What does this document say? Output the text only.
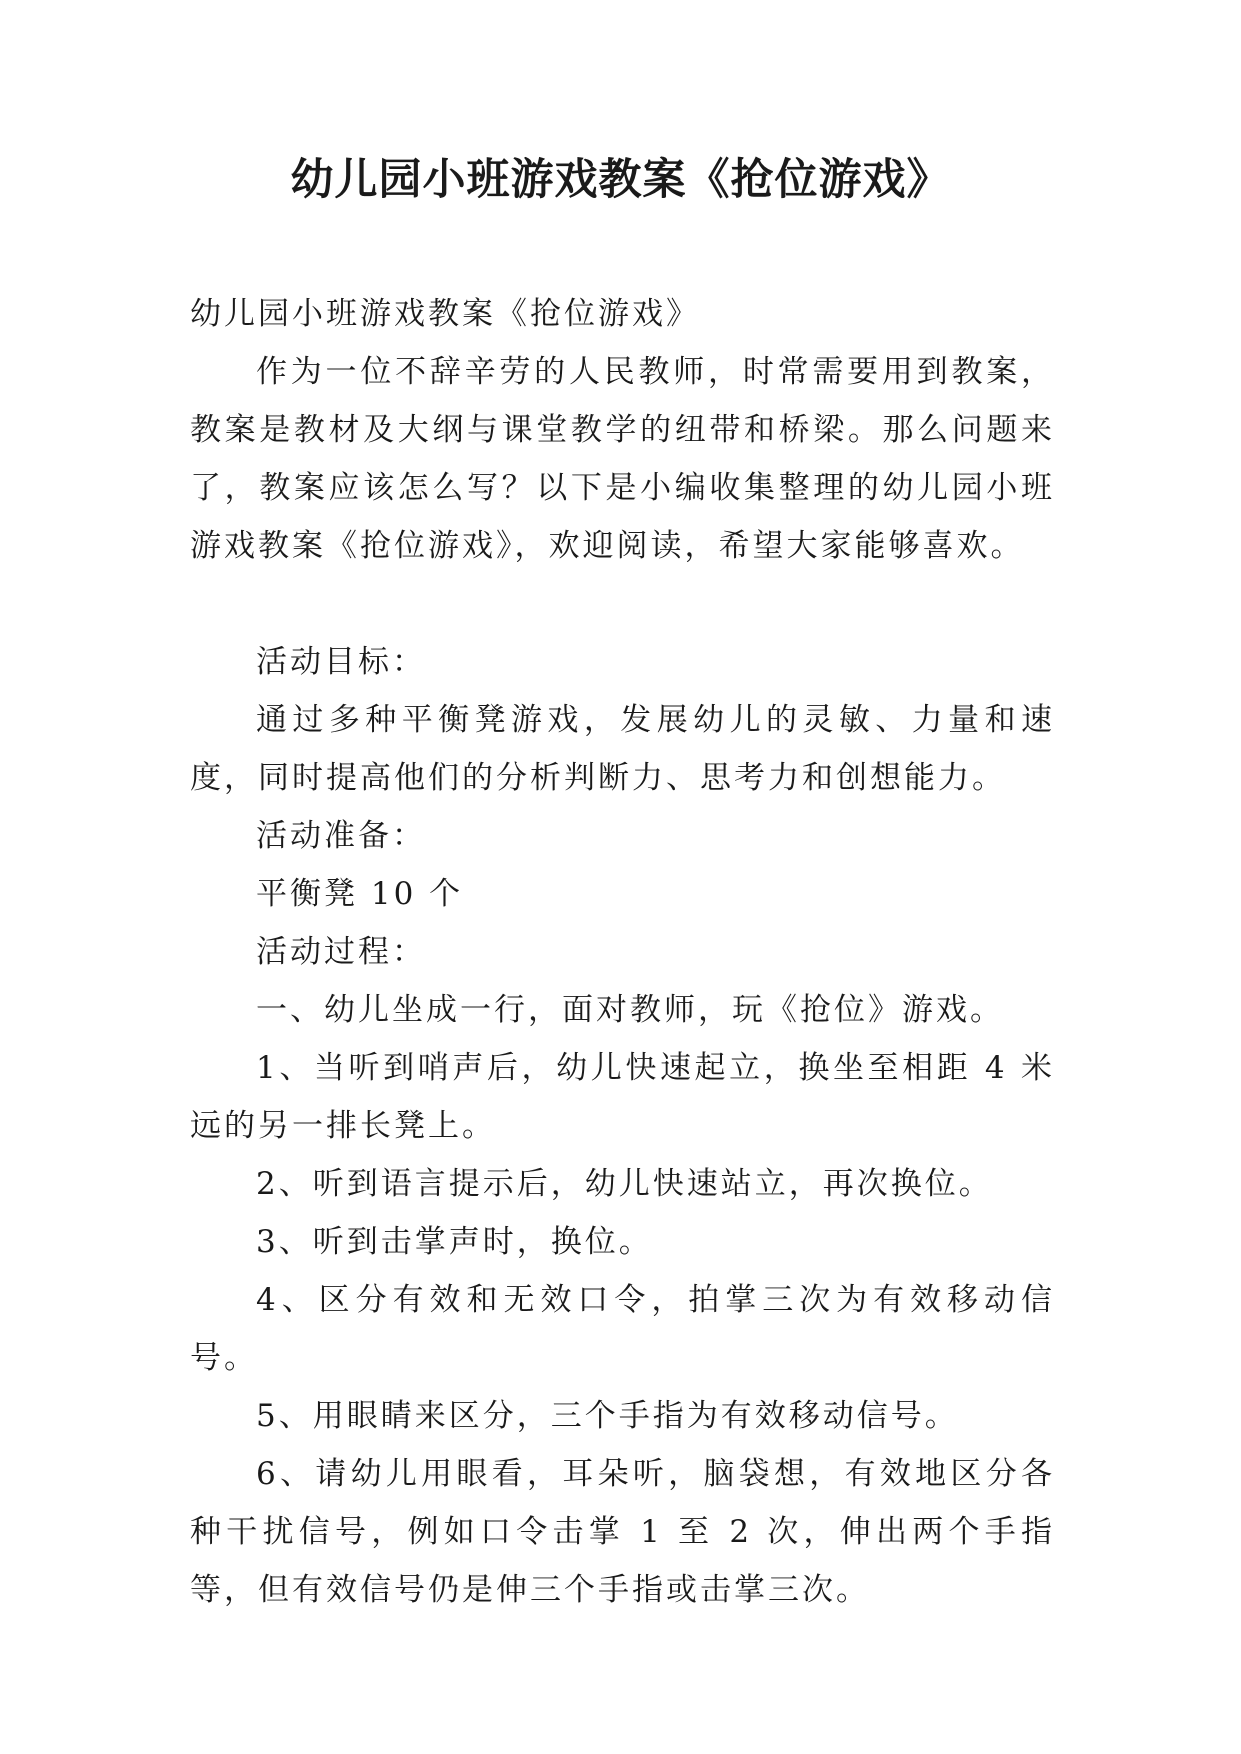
幼儿园小班游戏教案《抢位游戏》

幼儿园小班游戏教案《抢位游戏》

作为一位不辞辛劳的人民教师，时常需要用到教案，教案是教材及大纲与课堂教学的纽带和桥梁。那么问题来了，教案应该怎么写？以下是小编收集整理的幼儿园小班游戏教案《抢位游戏》，欢迎阅读，希望大家能够喜欢。

活动目标：

通过多种平衡凳游戏，发展幼儿的灵敏、力量和速度，同时提高他们的分析判断力、思考力和创想能力。

活动准备：

平衡凳 10 个

活动过程：

一、幼儿坐成一行，面对教师，玩《抢位》游戏。

1、当听到哨声后，幼儿快速起立，换坐至相距 4 米远的另一排长凳上。

2、听到语言提示后，幼儿快速站立，再次换位。

3、听到击掌声时，换位。

4、区分有效和无效口令，拍掌三次为有效移动信号。

5、用眼睛来区分，三个手指为有效移动信号。

6、请幼儿用眼看，耳朵听，脑袋想，有效地区分各种干扰信号，例如口令击掌 1 至 2 次，伸出两个手指等，但有效信号仍是伸三个手指或击掌三次。
